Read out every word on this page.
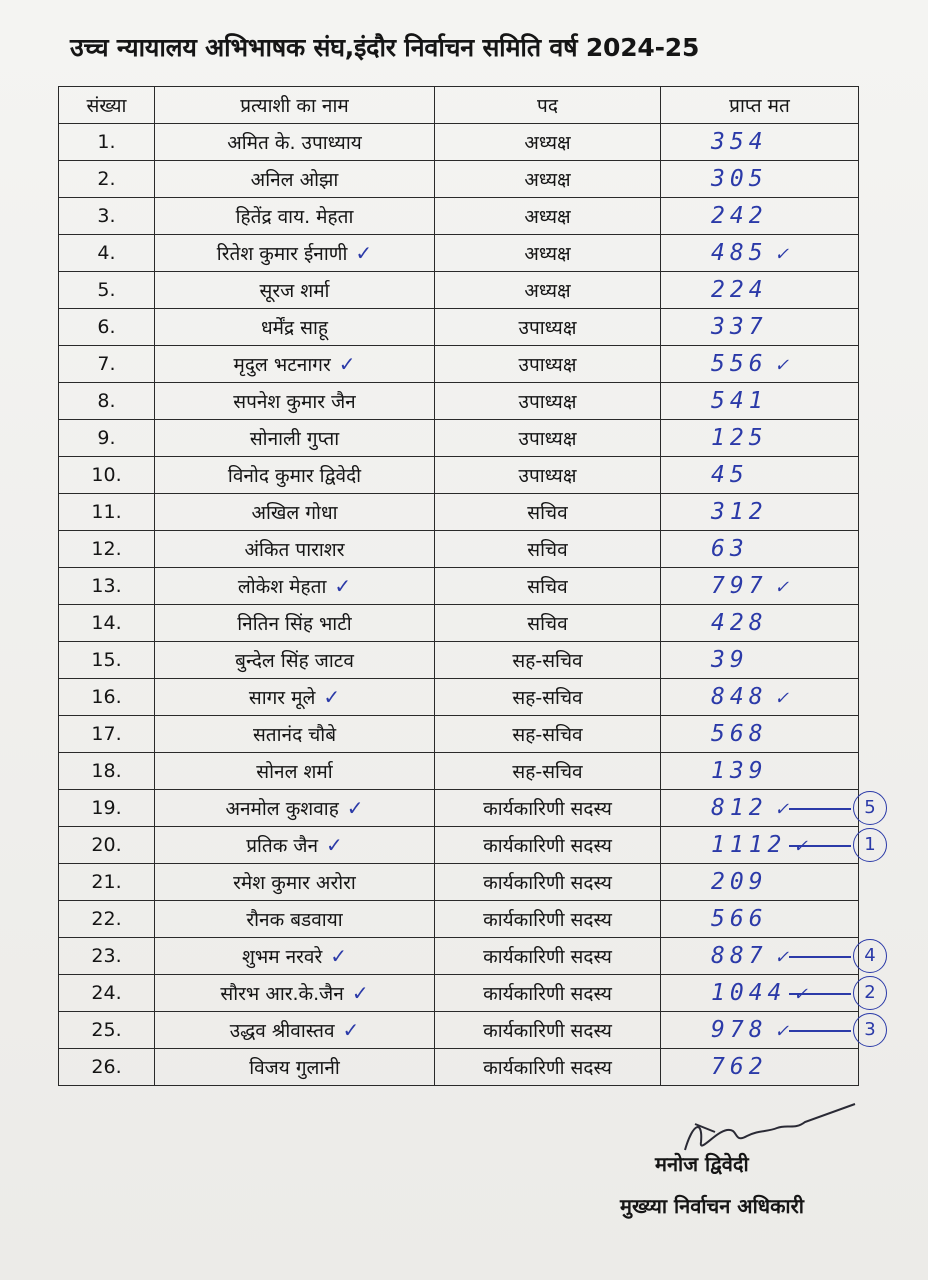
उच्च न्यायालय अभिभाषक संघ,इंदौर निर्वाचन समिति वर्ष 2024-25
संख्या	प्रत्याशी का नाम	पद	प्राप्त मत
1.	अमित के. उपाध्याय	अध्यक्ष	354
2.	अनिल ओझा	अध्यक्ष	305
3.	हितेंद्र वाय. मेहता	अध्यक्ष	242
4.	रितेश कुमार ईनाणी ✓	अध्यक्ष	485 ✓
5.	सूरज शर्मा	अध्यक्ष	224
6.	धर्मेंद्र साहू	उपाध्यक्ष	337
7.	मृदुल भटनागर ✓	उपाध्यक्ष	556 ✓
8.	सपनेश कुमार जैन	उपाध्यक्ष	541
9.	सोनाली गुप्ता	उपाध्यक्ष	125
10.	विनोद कुमार द्विवेदी	उपाध्यक्ष	45
11.	अखिल गोधा	सचिव	312
12.	अंकित पाराशर	सचिव	63
13.	लोकेश मेहता ✓	सचिव	797 ✓
14.	नितिन सिंह भाटी	सचिव	428
15.	बुन्देल सिंह जाटव	सह-सचिव	39
16.	सागर मूले ✓	सह-सचिव	848 ✓
17.	सतानंद चौबे	सह-सचिव	568
18.	सोनल शर्मा	सह-सचिव	139
19.	अनमोल कुशवाह ✓	कार्यकारिणी सदस्य	812 ✓
20.	प्रतिक जैन ✓	कार्यकारिणी सदस्य	1112 ✓
21.	रमेश कुमार अरोरा	कार्यकारिणी सदस्य	209
22.	रौनक बडवाया	कार्यकारिणी सदस्य	566
23.	शुभम नरवरे ✓	कार्यकारिणी सदस्य	887 ✓
24.	सौरभ आर.के.जैन ✓	कार्यकारिणी सदस्य	1044 ✓
25.	उद्धव श्रीवास्तव ✓	कार्यकारिणी सदस्य	978 ✓
26.	विजय गुलानी	कार्यकारिणी सदस्य	762
5
1
4
2
3
मनोज द्विवेदी
मुख्य्या निर्वाचन अधिकारी
